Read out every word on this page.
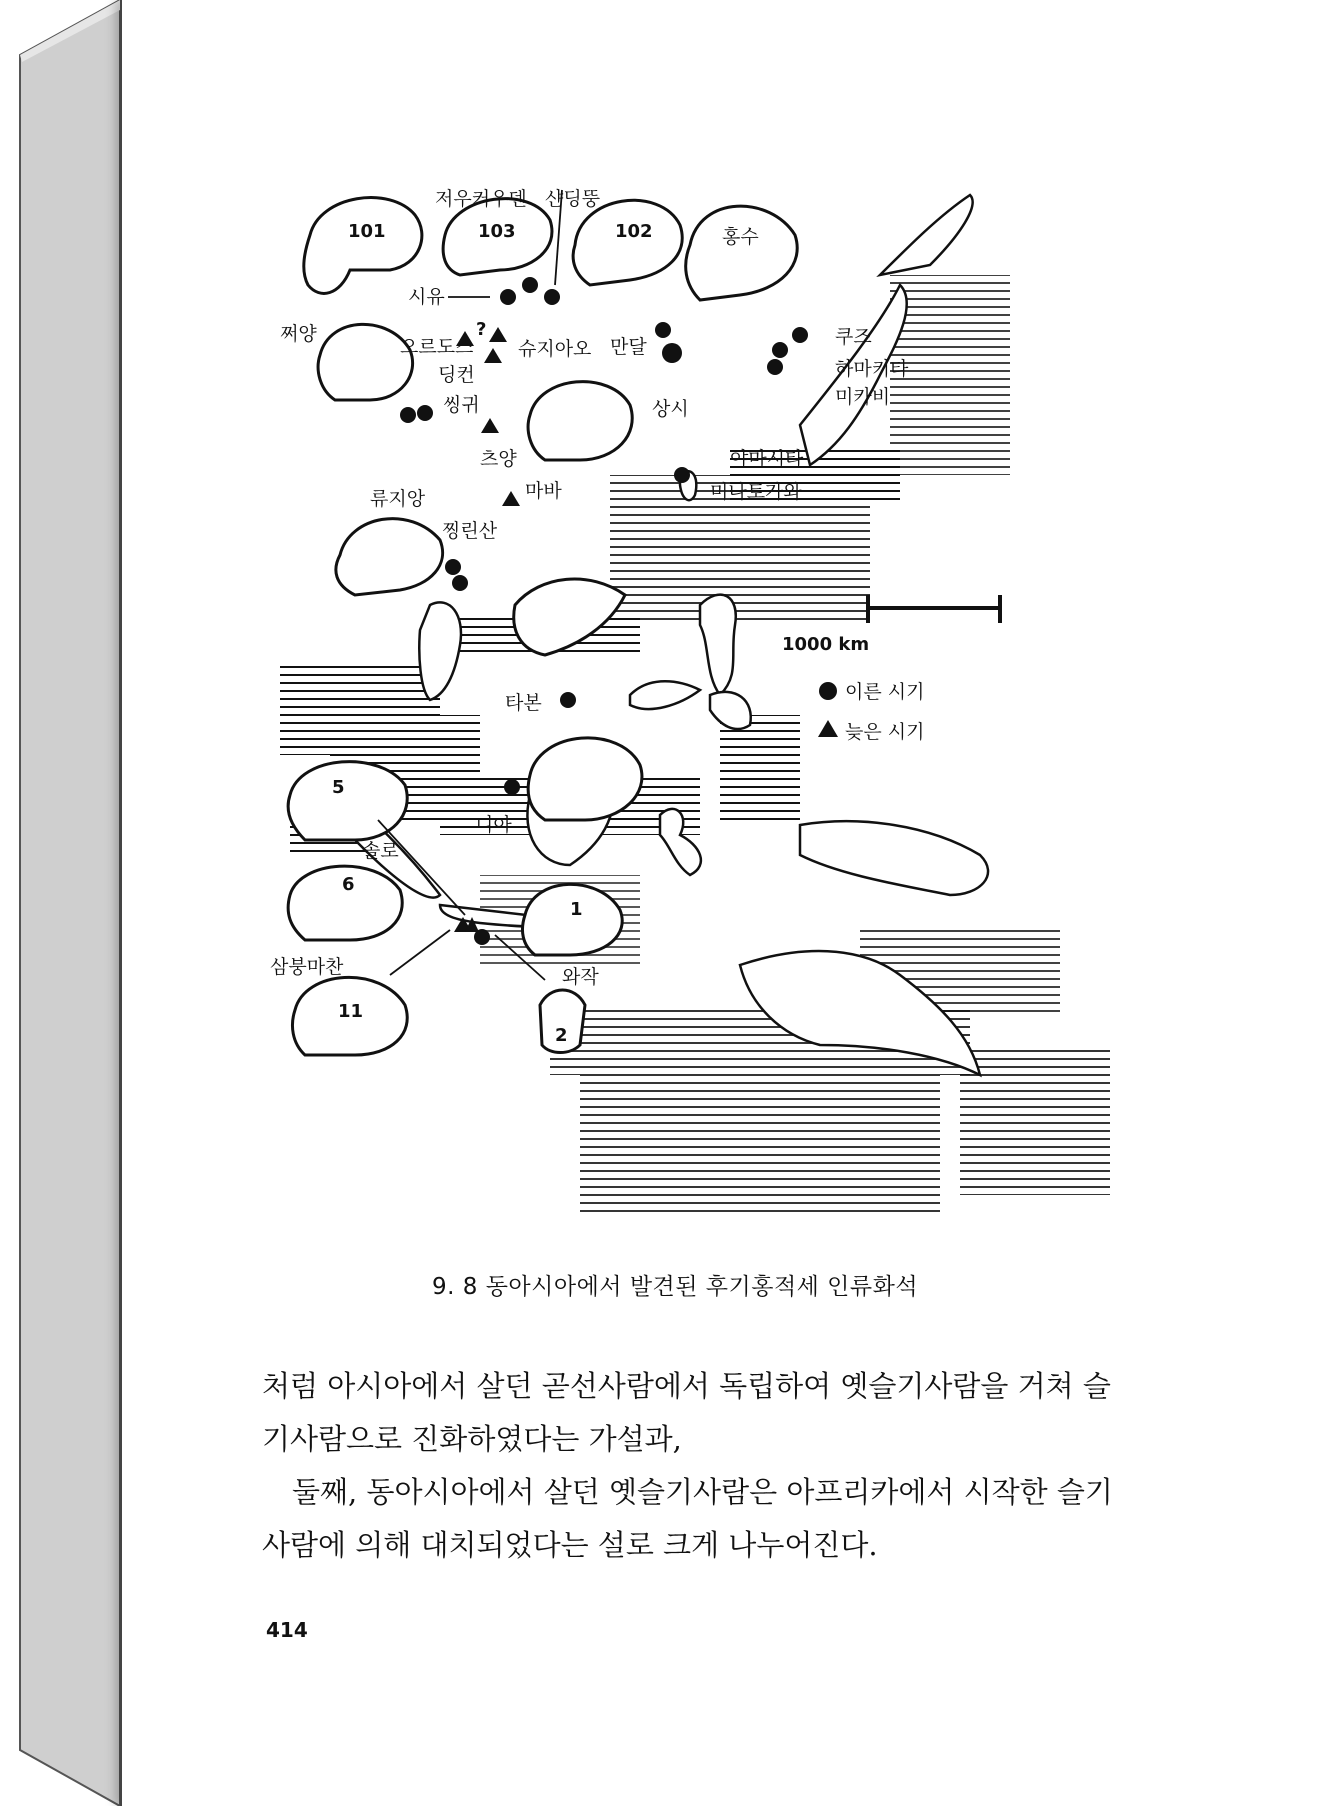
저우커우덴 샨딩뚱
101	103	102	홍수
쩌양
시유
오르도스
딩컨
씽귀
슈지아오 만달
상시
쿠즈
하마키타
미카비
츠양	야마시타
미나토가와
류지앙	마바
찡린산
1000 km
타본	이른 시기
늦은 시기
니아
5
솔로
6
1
삼붕마찬	와작
11
2
?
9. 8 동아시아에서 발견된 후기홍적세 인류화석

처럼 아시아에서 살던 곧선사람에서 독립하여 옛슬기사람을 거쳐 슬

기사람으로 진화하였다는 가설과,

둘째, 동아시아에서 살던 옛슬기사람은 아프리카에서 시작한 슬기

사람에 의해 대치되었다는 설로 크게 나누어진다.

414
